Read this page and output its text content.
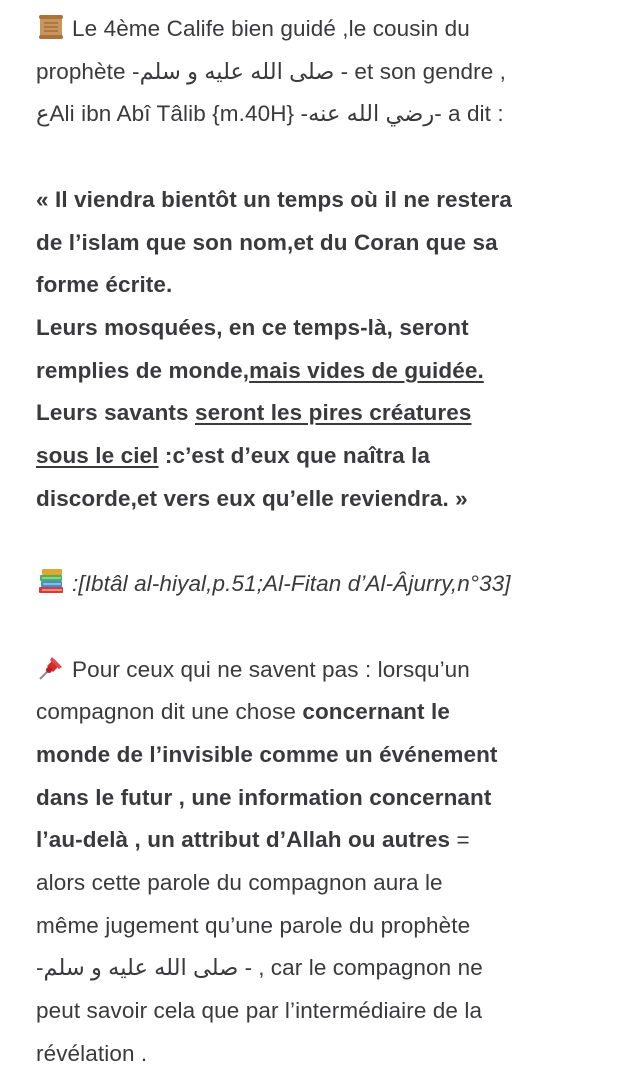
Le 4ème Calife bien guidé ,le cousin du
prophète -صلى الله عليه و سلم - et son gendre ,
عAli ibn Abî Tâlib {m.40H} -رضي الله عنه- a dit :
« Il viendra bientôt un temps où il ne restera
de l’islam que son nom,et du Coran que sa
forme écrite.
Leurs mosquées, en ce temps-là, seront
remplies de monde,mais vides de guidée.
Leurs savants seront les pires créatures
sous le ciel :c’est d’eux que naîtra la
discorde,et vers eux qu’elle reviendra. »
:[Ibtâl al-hiyal,p.51;Al-Fitan d’Al-Âjurry,n°33]
Pour ceux qui ne savent pas : lorsqu’un
compagnon dit une chose concernant le
monde de l’invisible comme un événement
dans le futur , une information concernant
l’au-delà , un attribut d’Allah ou autres =
alors cette parole du compagnon aura le
même jugement qu’une parole du prophète
-صلى الله عليه و سلم - , car le compagnon ne
peut savoir cela que par l’intermédiaire de la
révélation .
